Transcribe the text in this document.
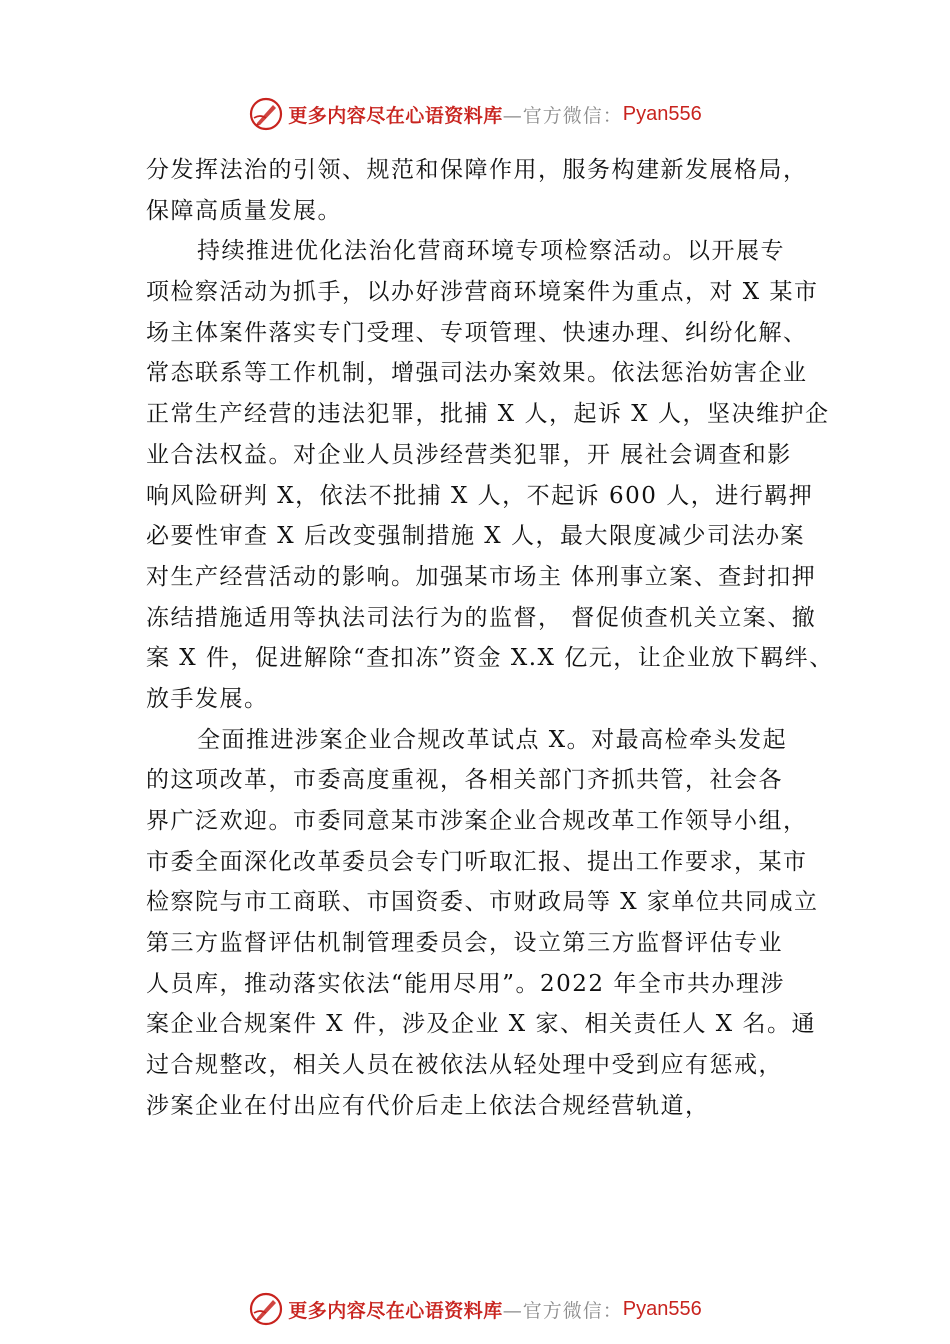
更多内容尽在心语资料库 —官方微信： Pyan556
分发挥法治的引领、规范和保障作用，服务构建新发展格局，
保障高质量发展。
持续推进优化法治化营商环境专项检察活动。以开展专
项检察活动为抓手，以办好涉营商环境案件为重点，对 X 某市
场主体案件落实专门受理、专项管理、快速办理、纠纷化解、
常态联系等工作机制，增强司法办案效果。依法惩治妨害企业
正常生产经营的违法犯罪，批捕 X 人，起诉 X 人，坚决维护企
业合法权益。对企业人员涉经营类犯罪，开 展社会调查和影
响风险研判 X，依法不批捕 X 人，不起诉 600 人，进行羁押
必要性审查 X 后改变强制措施 X 人，最大限度减少司法办案
对生产经营活动的影响。加强某市场主 体刑事立案、查封扣押
冻结措施适用等执法司法行为的监督， 督促侦查机关立案、撤
案 X 件，促进解除“查扣冻”资金 X.X 亿元，让企业放下羁绊、
放手发展。
全面推进涉案企业合规改革试点 X。对最高检牵头发起
的这项改革，市委高度重视，各相关部门齐抓共管，社会各
界广泛欢迎。市委同意某市涉案企业合规改革工作领导小组，
市委全面深化改革委员会专门听取汇报、提出工作要求，某市
检察院与市工商联、市国资委、市财政局等 X 家单位共同成立
第三方监督评估机制管理委员会，设立第三方监督评估专业
人员库，推动落实依法“能用尽用”。2022 年全市共办理涉
案企业合规案件 X 件，涉及企业 X 家、相关责任人 X 名。通
过合规整改，相关人员在被依法从轻处理中受到应有惩戒，
涉案企业在付出应有代价后走上依法合规经营轨道，
更多内容尽在心语资料库 —官方微信： Pyan556
